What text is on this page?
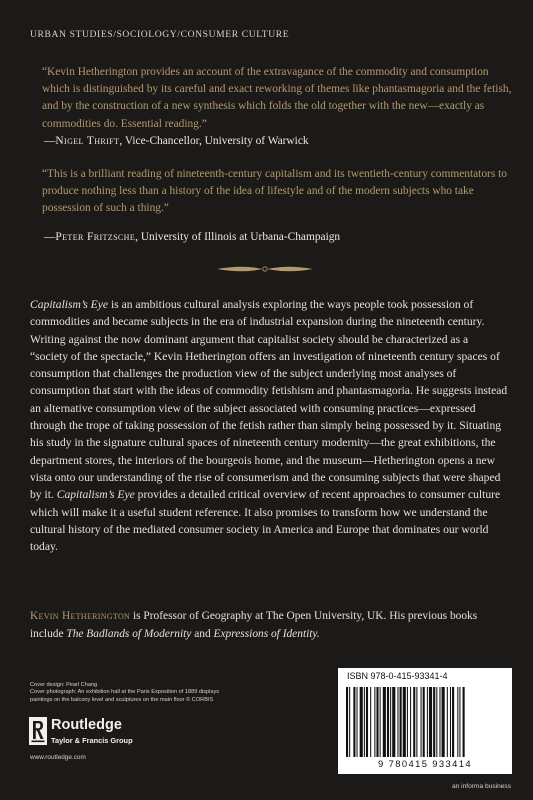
URBAN STUDIES/SOCIOLOGY/CONSUMER CULTURE
“Kevin Hetherington provides an account of the extravagance of the commodity and consumption which is distinguished by its careful and exact reworking of themes like phantasmagoria and the fetish, and by the construction of a new synthesis which folds the old together with the new—exactly as commodities do. Essential reading.”
—Nigel Thrift, Vice-Chancellor, University of Warwick
“This is a brilliant reading of nineteenth-century capitalism and its twentieth-century commentators to produce nothing less than a history of the idea of lifestyle and of the modern subjects who take possession of such a thing.”
—Peter Fritzsche, University of Illinois at Urbana-Champaign
Capitalism’s Eye is an ambitious cultural analysis exploring the ways people took possession of commodities and became subjects in the era of industrial expansion during the nineteenth century. Writing against the now dominant argument that capitalist society should be characterized as a “society of the spectacle,” Kevin Hetherington offers an investigation of nineteenth century spaces of consumption that challenges the production view of the subject underlying most analyses of consumption that start with the ideas of commodity fetishism and phantasmagoria. He suggests instead an alternative consumption view of the subject associated with consuming practices—expressed through the trope of taking possession of the fetish rather than simply being possessed by it. Situating his study in the signature cultural spaces of nineteenth century modernity—the great exhibitions, the department stores, the interiors of the bourgeois home, and the museum—Hetherington opens a new vista onto our understanding of the rise of consumerism and the consuming subjects that were shaped by it. Capitalism’s Eye provides a detailed critical overview of recent approaches to consumer culture which will make it a useful student reference. It also promises to transform how we understand the cultural history of the mediated consumer society in America and Europe that dominates our world today.
Kevin Hetherington is Professor of Geography at The Open University, UK. His previous books include The Badlands of Modernity and Expressions of Identity.
Cover design: Pearl Chang
Cover photograph: An exhibition hall at the Paris Exposition of 1889 displays paintings on the balcony level and sculptures on the main floor © CORBIS
Routledge
Taylor & Francis Group
www.routledge.com
ISBN 978-0-415-93341-4
9 780415 933414
an informa business
